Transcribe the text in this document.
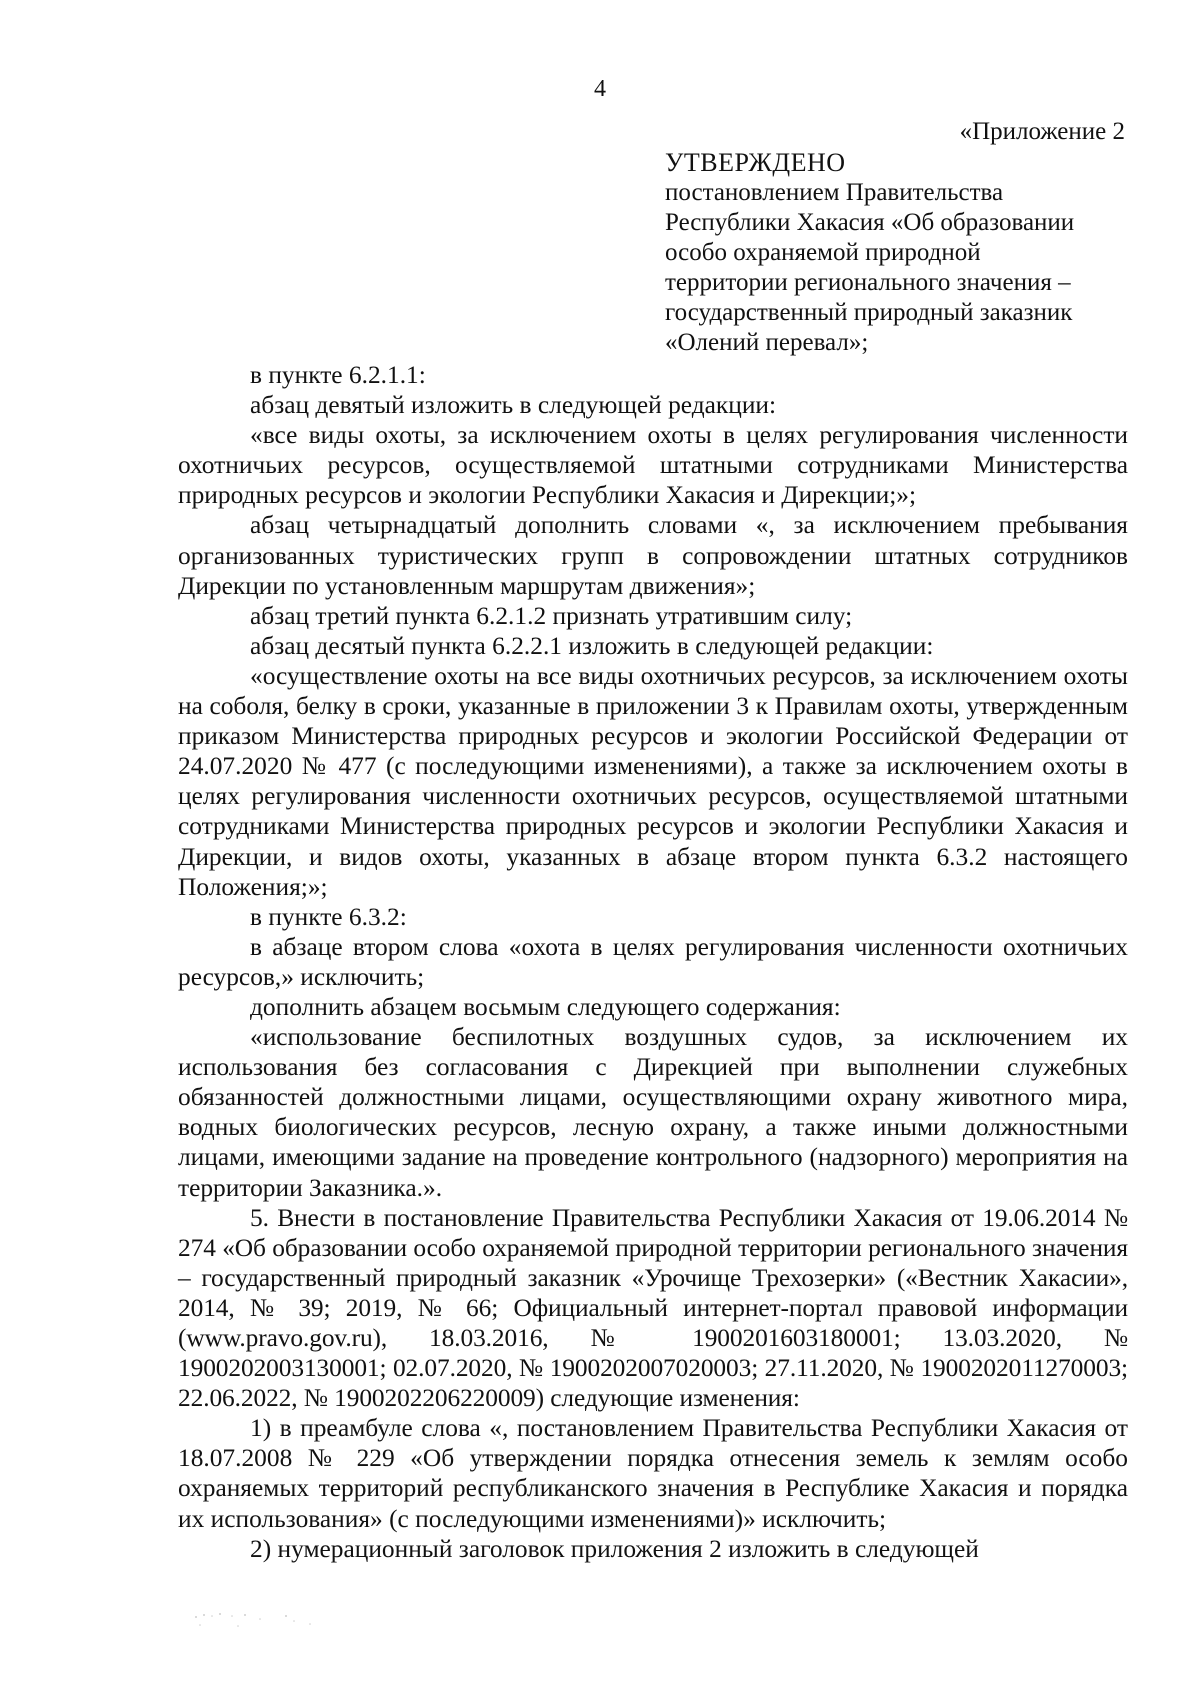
4
«Приложение 2
УТВЕРЖДЕНО
постановлением Правительства
Республики Хакасия «Об образовании
особо охраняемой природной
территории регионального значения –
государственный природный заказник
«Олений перевал»;

в пункте 6.2.1.1:

абзац девятый изложить в следующей редакции:

«все виды охоты, за исключением охоты в целях регулирования численности охотничьих ресурсов, осуществляемой штатными сотрудниками Министерства природных ресурсов и экологии Республики Хакасия и Дирекции;»;

абзац четырнадцатый дополнить словами «, за исключением пребывания организованных туристических групп в сопровождении штатных сотрудников Дирекции по установленным маршрутам движения»;

абзац третий пункта 6.2.1.2 признать утратившим силу;

абзац десятый пункта 6.2.2.1 изложить в следующей редакции:

«осуществление охоты на все виды охотничьих ресурсов, за исключением охоты на соболя, белку в сроки, указанные в приложении 3 к Правилам охоты, утвержденным приказом Министерства природных ресурсов и экологии Российской Федерации от 24.07.2020 № 477 (с последующими изменениями), а также за исключением охоты в целях регулирования численности охотничьих ресурсов, осуществляемой штатными сотрудниками Министерства природных ресурсов и экологии Республики Хакасия и Дирекции, и видов охоты, указанных в абзаце втором пункта 6.3.2 настоящего Положения;»;

в пункте 6.3.2:

в абзаце втором слова «охота в целях регулирования численности охотничьих ресурсов,» исключить;

дополнить абзацем восьмым следующего содержания:

«использование беспилотных воздушных судов, за исключением их использования без согласования с Дирекцией при выполнении служебных обязанностей должностными лицами, осуществляющими охрану животного мира, водных биологических ресурсов, лесную охрану, а также иными должностными лицами, имеющими задание на проведение контрольного (надзорного) мероприятия на территории Заказника.».

5. Внести в постановление Правительства Республики Хакасия от 19.06.2014 № 274 «Об образовании особо охраняемой природной территории регионального значения – государственный природный заказник «Урочище Трехозерки» («Вестник Хакасии», 2014, № 39; 2019, № 66; Официальный интернет-портал правовой информации (www.pravo.gov.ru), 18.03.2016, № 1900201603180001; 13.03.2020, № 1900202003130001; 02.07.2020, № 1900202007020003; 27.11.2020, № 1900202011270003; 22.06.2022, № 1900202206220009) следующие изменения:

1) в преамбуле слова «, постановлением Правительства Республики Хакасия от 18.07.2008 № 229 «Об утверждении порядка отнесения земель к землям особо охраняемых территорий республиканского значения в Республике Хакасия и порядка их использования» (с последующими изменениями)» исключить;

2) нумерационный заголовок приложения 2 изложить в следующей
